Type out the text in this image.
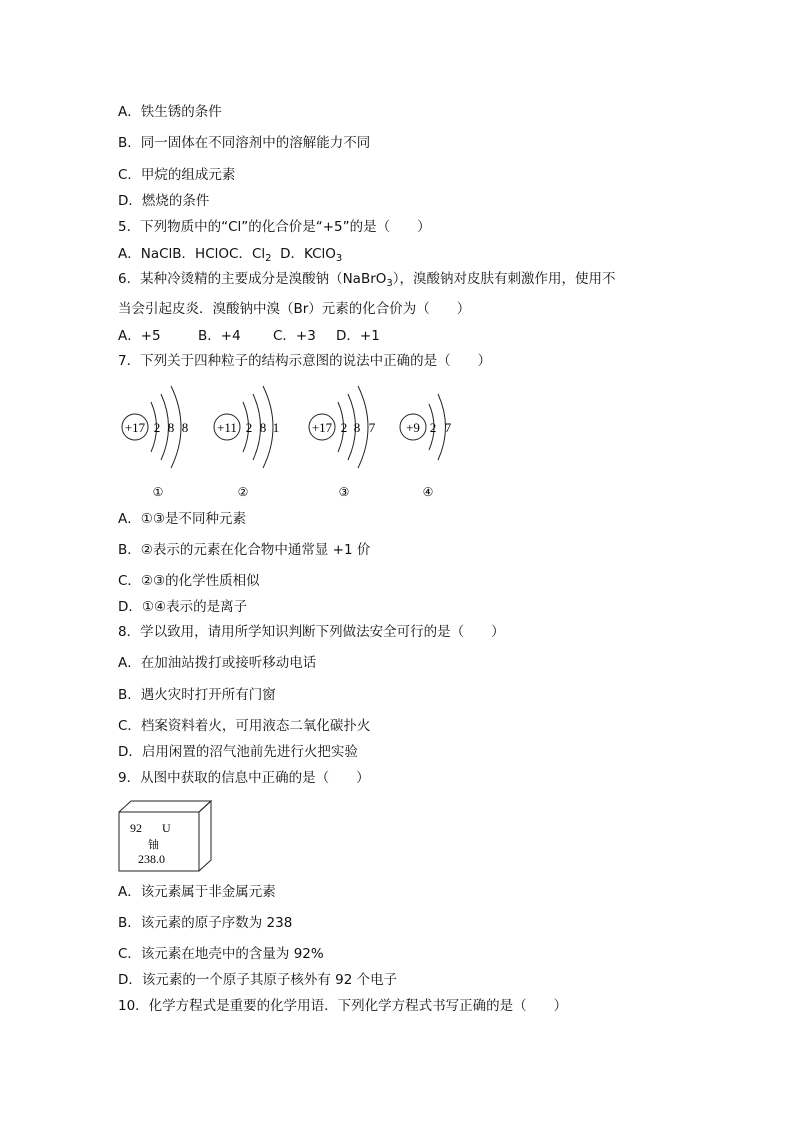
A．铁生锈的条件
B．同一固体在不同溶剂中的溶解能力不同
C．甲烷的组成元素
D．燃烧的条件
5．下列物质中的“Cl”的化合价是“+5”的是（　　）
A．NaClB．HClOC．$Cl_2$ D．KClO$_3$
6．某种冷烫精的主要成分是溴酸钠（NaBrO$_3$），溴酸钠对皮肤有刺激作用，使用不
当会引起皮炎．溴酸钠中溴（Br）元素的化合价为（　　）
A．+5	B．+4 C．+3 D．+1
7．下列关于四种粒子的结构示意图的说法中正确的是（　　）
+17 2 8 8
①
+11 2 8 1
②
+17 2 8 7
③
+9 2 7
④
A．①③是不同种元素
B．②表示的元素在化合物中通常显 +1 价
C．②③的化学性质相似
D．①④表示的是离子
8．学以致用，请用所学知识判断下列做法安全可行的是（　　）
A．在加油站拨打或接听移动电话
B．遇火灾时打开所有门窗
C．档案资料着火，可用液态二氧化碳扑火
D．启用闲置的沼气池前先进行火把实验
9．从图中获取的信息中正确的是（　　）
92 U
铀
238.0
A．该元素属于非金属元素
B．该元素的原子序数为 238
C．该元素在地壳中的含量为 92%
D．该元素的一个原子其原子核外有 92 个电子
10．化学方程式是重要的化学用语．下列化学方程式书写正确的是（　　）
